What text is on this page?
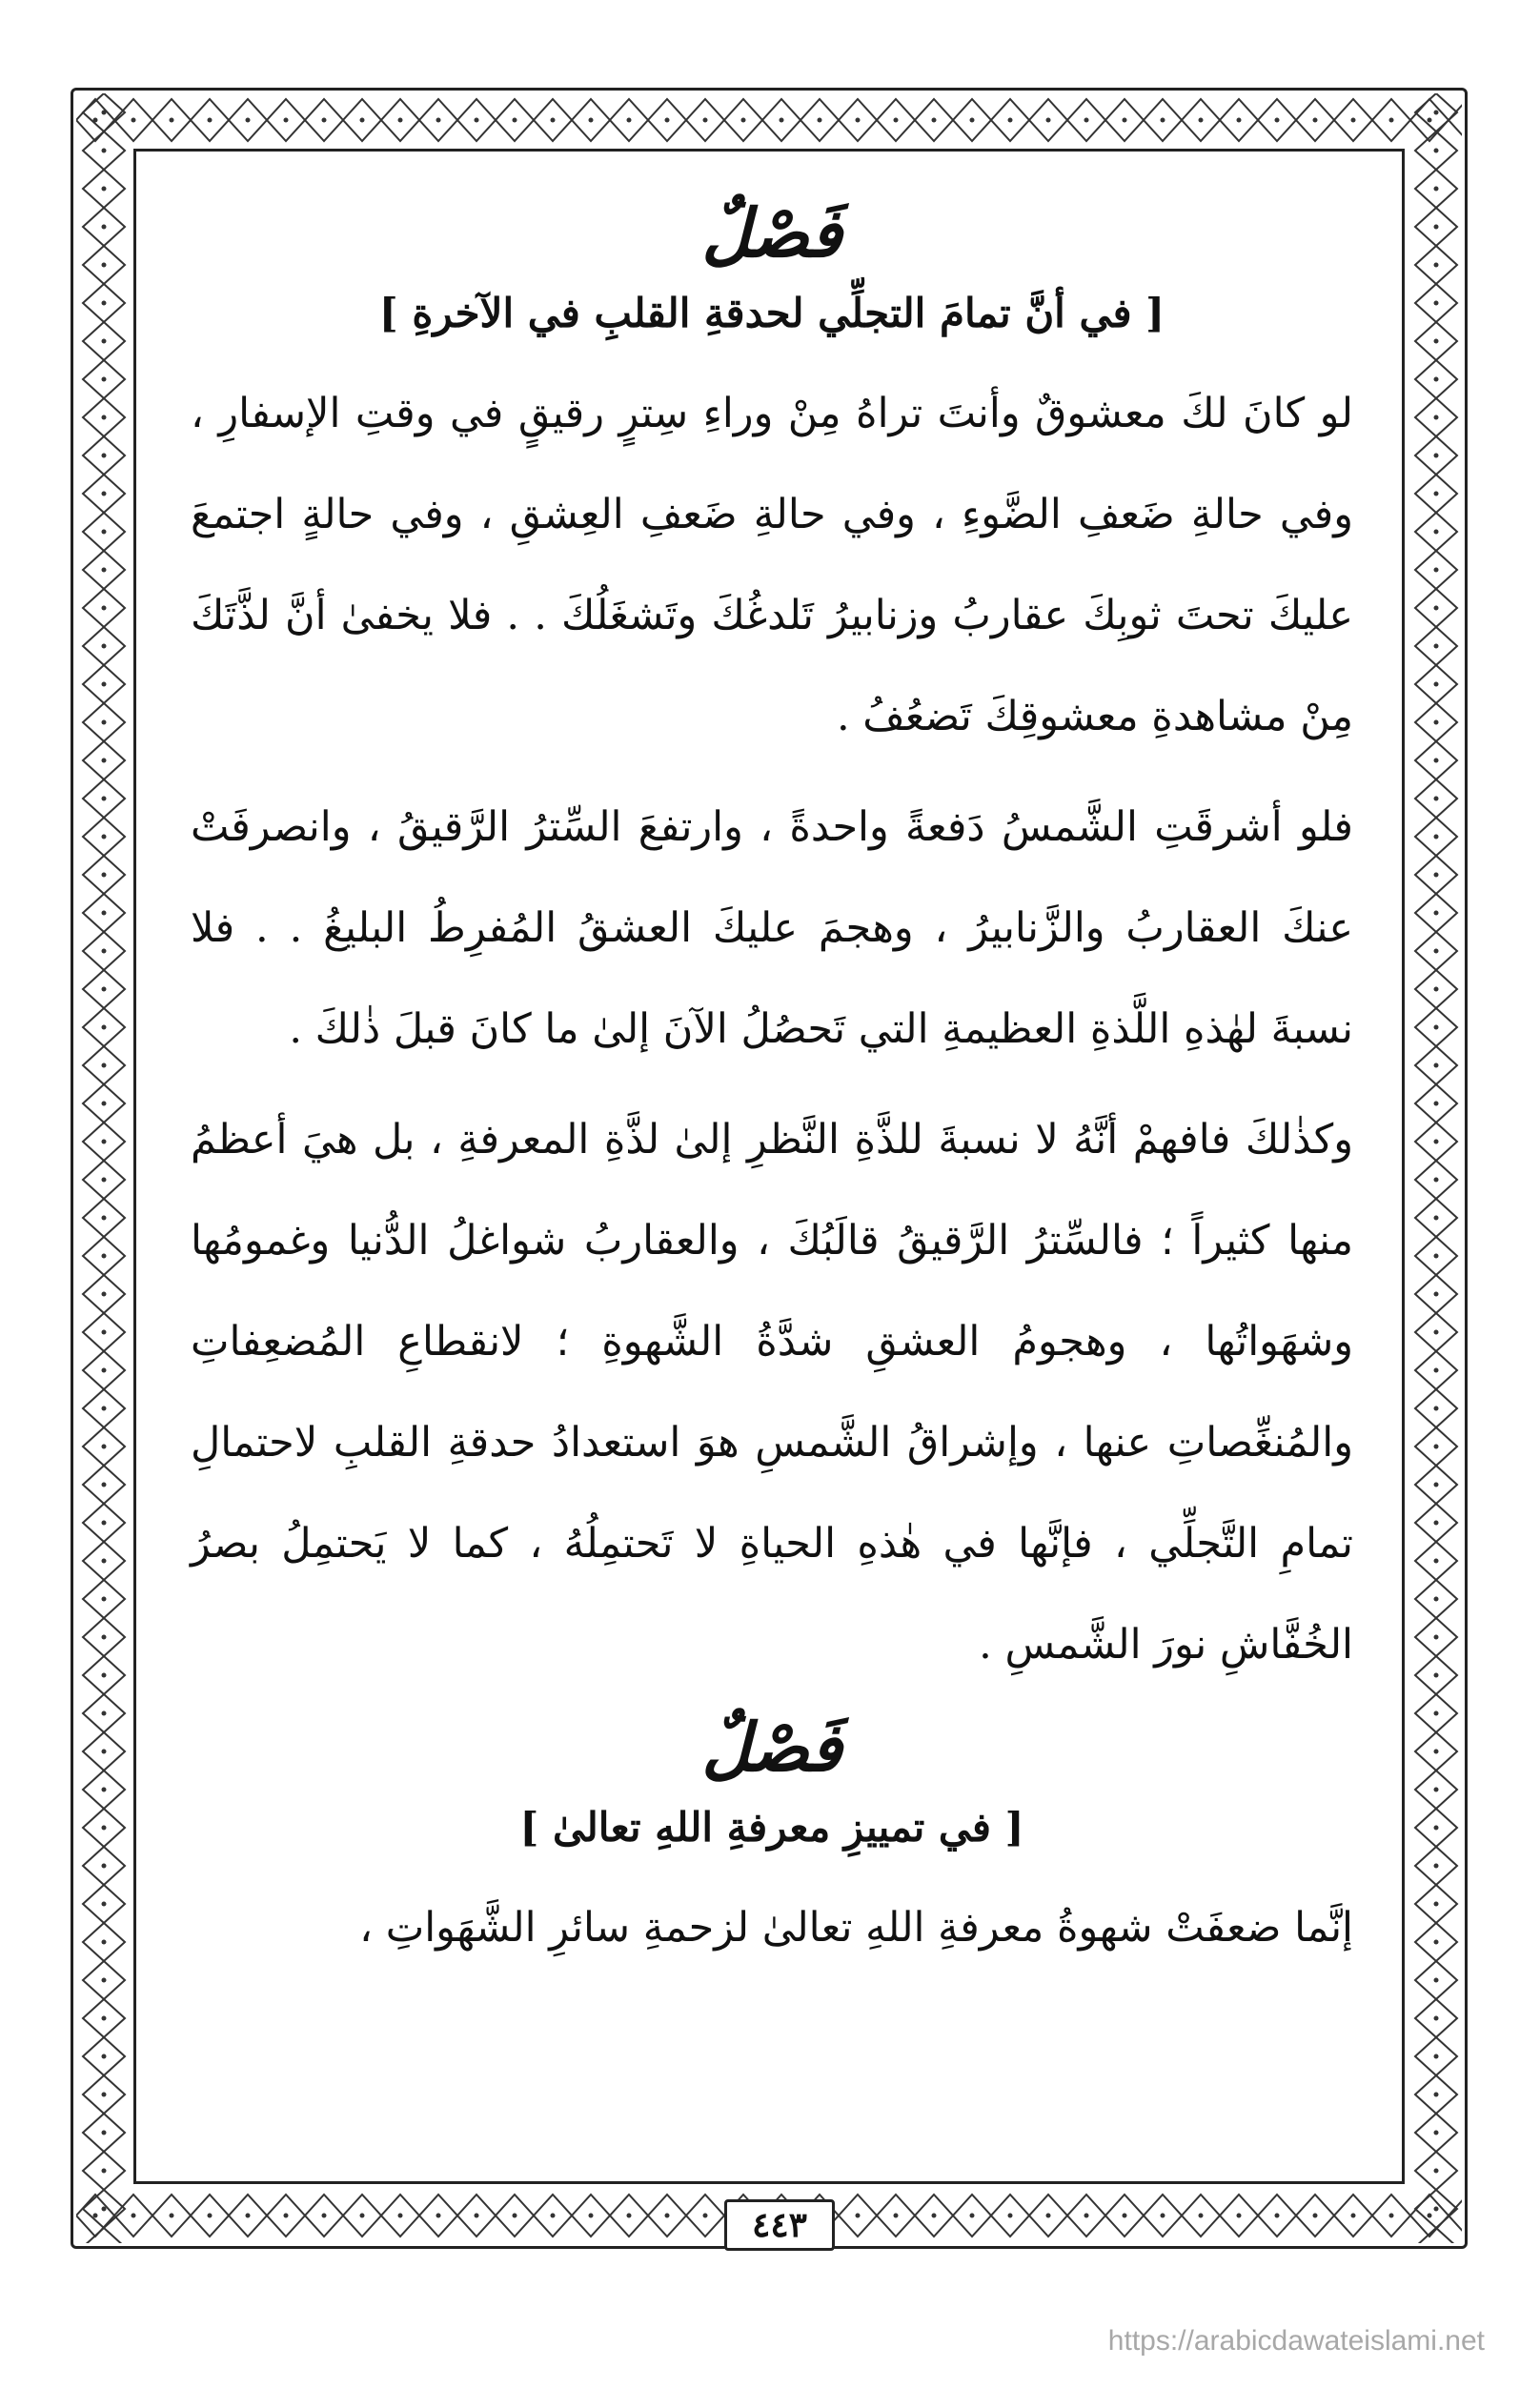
فَصْلٌ
[ في أنَّ تمامَ التجلِّي لحدقةِ القلبِ في الآخرةِ ]

لو كانَ لكَ معشوقٌ وأنتَ تراهُ مِنْ وراءِ سِترٍ رقيقٍ في وقتِ الإسفارِ ، وفي حالةِ ضَعفِ الضَّوءِ ، وفي حالةِ ضَعفِ العِشقِ ، وفي حالةٍ اجتمعَ عليكَ تحتَ ثوبِكَ عقاربُ وزنابيرُ تَلدغُكَ وتَشغَلُكَ . . فلا يخفىٰ أنَّ لذَّتَكَ مِنْ مشاهدةِ معشوقِكَ تَضعُفُ .

فلو أشرقَتِ الشَّمسُ دَفعةً واحدةً ، وارتفعَ السِّترُ الرَّقيقُ ، وانصرفَتْ عنكَ العقاربُ والزَّنابيرُ ، وهجمَ عليكَ العشقُ المُفرِطُ البليغُ . . فلا نسبةَ لهٰذهِ اللَّذةِ العظيمةِ التي تَحصُلُ الآنَ إلىٰ ما كانَ قبلَ ذٰلكَ .

وكذٰلكَ فافهمْ أنَّهُ لا نسبةَ للذَّةِ النَّظرِ إلىٰ لذَّةِ المعرفةِ ، بل هيَ أعظمُ منها كثيراً ؛ فالسِّترُ الرَّقيقُ قالَبُكَ ، والعقاربُ شواغلُ الدُّنيا وغمومُها وشهَواتُها ، وهجومُ العشقِ شدَّةُ الشَّهوةِ ؛ لانقطاعِ المُضعِفاتِ والمُنغِّصاتِ عنها ، وإشراقُ الشَّمسِ هوَ استعدادُ حدقةِ القلبِ لاحتمالِ تمامِ التَّجلِّي ، فإنَّها في هٰذهِ الحياةِ لا تَحتمِلُهُ ، كما لا يَحتمِلُ بصرُ الخُفَّاشِ نورَ الشَّمسِ .

فَصْلٌ
[ في تمييزِ معرفةِ اللهِ تعالىٰ ]

إنَّما ضعفَتْ شهوةُ معرفةِ اللهِ تعالىٰ لزحمةِ سائرِ الشَّهَواتِ ،

٤٤٣
https://arabicdawateislami.net
